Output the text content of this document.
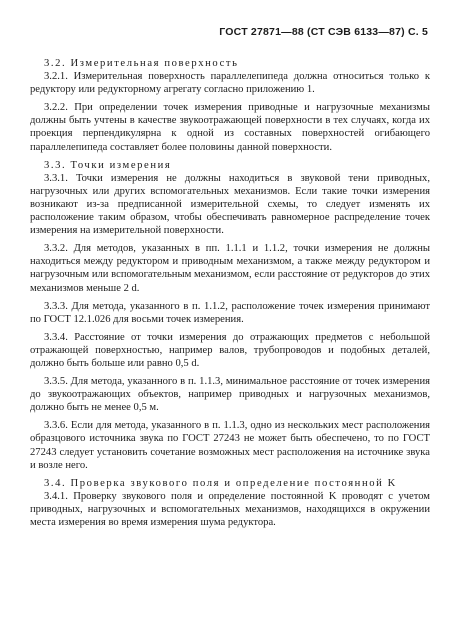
ГОСТ 27871—88 (СТ СЭВ 6133—87) С. 5

3.2. Измерительная поверхность

3.2.1. Измерительная поверхность параллелепипеда должна относиться только к редуктору или редукторному агрегату согласно приложению 1.

3.2.2. При определении точек измерения приводные и нагрузочные механизмы должны быть учтены в качестве звукоотражающей поверхности в тех случаях, когда их проекция перпендикулярна к одной из составных поверхностей огибающего параллелепипеда составляет более половины данной поверхности.

3.3. Точки измерения

3.3.1. Точки измерения не должны находиться в звуковой тени приводных, нагрузочных или других вспомогательных механизмов. Если такие точки измерения возникают из-за предписанной измерительной схемы, то следует изменять их расположение таким образом, чтобы обеспечивать равномерное распределение точек измерения на измерительной поверхности.

3.3.2. Для методов, указанных в пп. 1.1.1 и 1.1.2, точки измерения не должны находиться между редуктором и приводным механизмом, а также между редуктором и нагрузочным или вспомогательным механизмом, если расстояние от редукторов до этих механизмов меньше 2 d.

3.3.3. Для метода, указанного в п. 1.1.2, расположение точек измерения принимают по ГОСТ 12.1.026 для восьми точек измерения.

3.3.4. Расстояние от точки измерения до отражающих предметов с небольшой отражающей поверхностью, например валов, трубопроводов и подобных деталей, должно быть больше или равно 0,5 d.

3.3.5. Для метода, указанного в п. 1.1.3, минимальное расстояние от точек измерения до звукоотражающих объектов, например приводных и нагрузочных механизмов, должно быть не менее 0,5 м.

3.3.6. Если для метода, указанного в п. 1.1.3, одно из нескольких мест расположения образцового источника звука по ГОСТ 27243 не может быть обеспечено, то по ГОСТ 27243 следует установить сочетание возможных мест расположения на источнике звука и возле него.

3.4. Проверка звукового поля и определение постоянной K

3.4.1. Проверку звукового поля и определение постоянной K проводят с учетом приводных, нагрузочных и вспомогательных механизмов, находящихся в окружении места измерения во время измерения шума редуктора.
